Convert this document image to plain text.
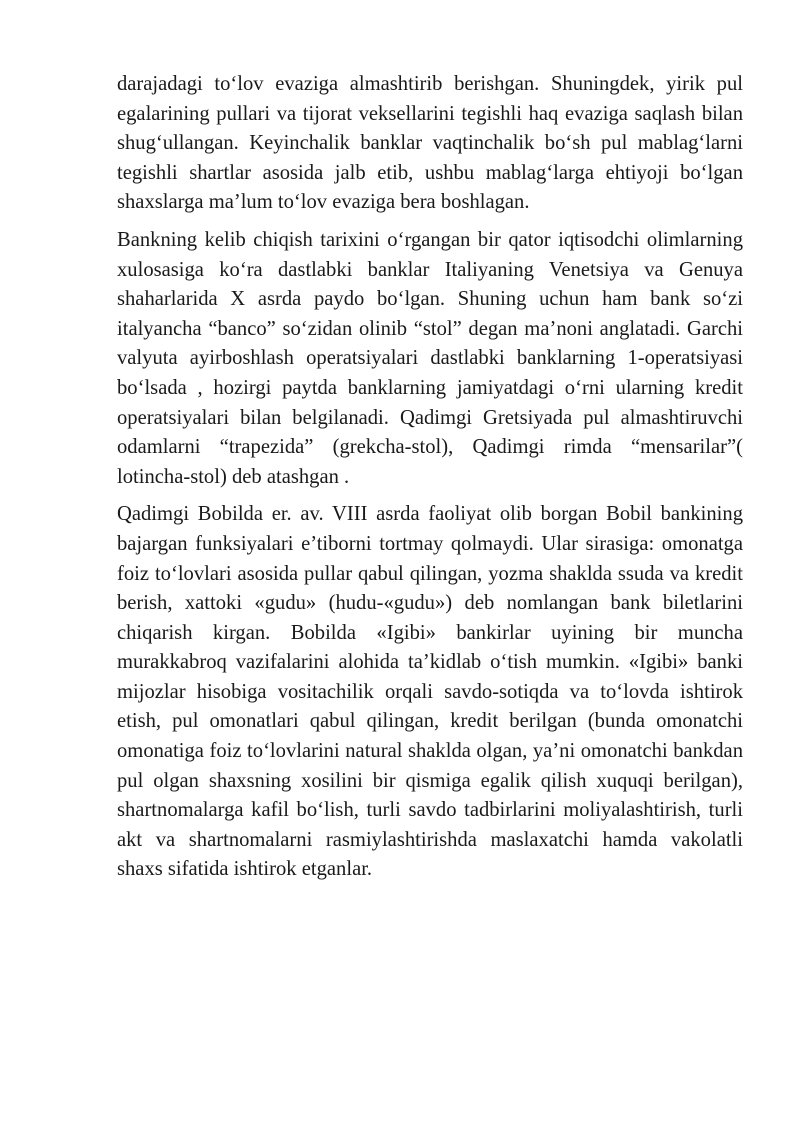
darajadagi to‘lov evaziga almashtirib berishgan. Shuningdek, yirik pul egalarining pullari va tijorat veksellarini tegishli haq evaziga saqlash bilan shug‘ullangan. Keyinchalik banklar vaqtinchalik bo‘sh pul mablag‘larni tegishli shartlar asosida jalb etib, ushbu mablag‘larga ehtiyoji bo‘lgan shaxslarga ma’lum to‘lov evaziga bera boshlagan.

Bankning kelib chiqish tarixini o‘rgangan bir qator iqtisodchi olimlarning xulosasiga ko‘ra dastlabki banklar Italiyaning Venetsiya va Genuya shaharlarida X asrda paydo bo‘lgan. Shuning uchun ham bank so‘zi italyancha “banco” so‘zidan olinib “stol” degan ma’noni anglatadi. Garchi valyuta ayirboshlash operatsiyalari dastlabki banklarning 1-operatsiyasi bo‘lsada , hozirgi paytda banklarning jamiyatdagi o‘rni ularning kredit operatsiyalari bilan belgilanadi. Qadimgi Gretsiyada pul almashtiruvchi odamlarni “trapezida” (grekcha-stol), Qadimgi rimda “mensarilar”( lotincha-stol) deb atashgan .

Qadimgi Bobilda er. av. VIII asrda faoliyat olib borgan Bobil bankining bajargan funksiyalari e’tiborni tortmay qolmaydi. Ular sirasiga: omonatga foiz to‘lovlari asosida pullar qabul qilingan, yozma shaklda ssuda va kredit berish, xattoki «gudu» (hudu-«gudu») deb nomlangan bank biletlarini chiqarish kirgan. Bobilda «Igibi» bankirlar uyining bir muncha murakkabroq vazifalarini alohida ta’kidlab o‘tish mumkin. «Igibi» banki mijozlar hisobiga vositachilik orqali savdo-sotiqda va to‘lovda ishtirok etish, pul omonatlari qabul qilingan, kredit berilgan (bunda omonatchi omonatiga foiz to‘lovlarini natural shaklda olgan, ya’ni omonatchi bankdan pul olgan shaxsning xosilini bir qismiga egalik qilish xuquqi berilgan), shartnomalarga kafil bo‘lish, turli savdo tadbirlarini moliyalashtirish, turli akt va shartnomalarni rasmiylashtirishda maslaxatchi hamda vakolatli shaxs sifatida ishtirok etganlar.
